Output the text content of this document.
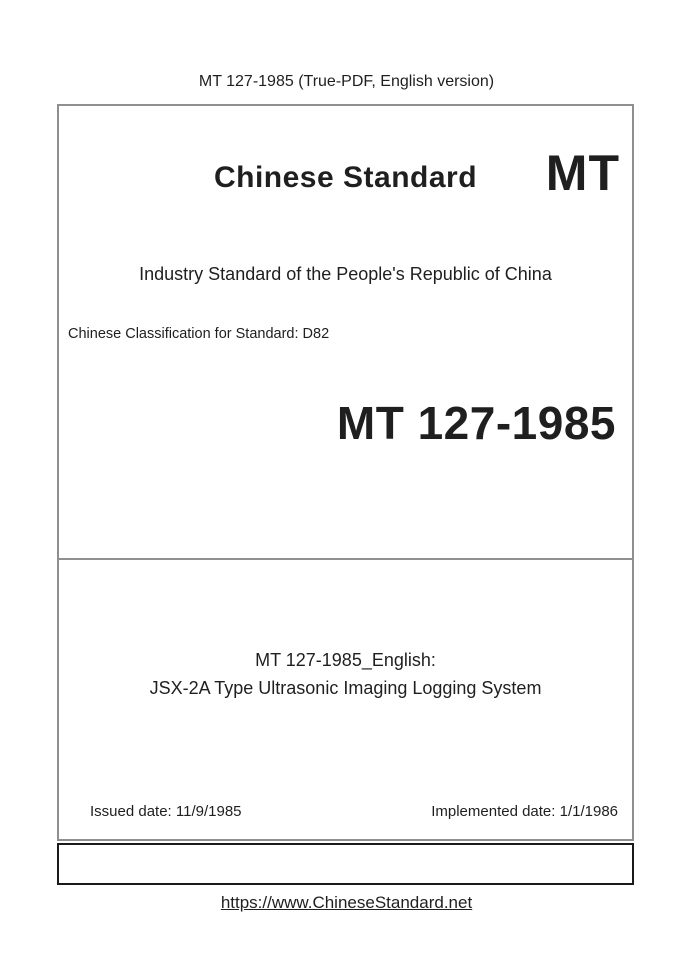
MT 127-1985 (True-PDF, English version)
Chinese Standard	MT
Industry Standard of the People's Republic of China
Chinese Classification for Standard: D82
MT 127-1985
MT 127-1985_English:
JSX-2A Type Ultrasonic Imaging Logging System
Issued date: 11/9/1985	Implemented date: 1/1/1986
https://www.ChineseStandard.net
